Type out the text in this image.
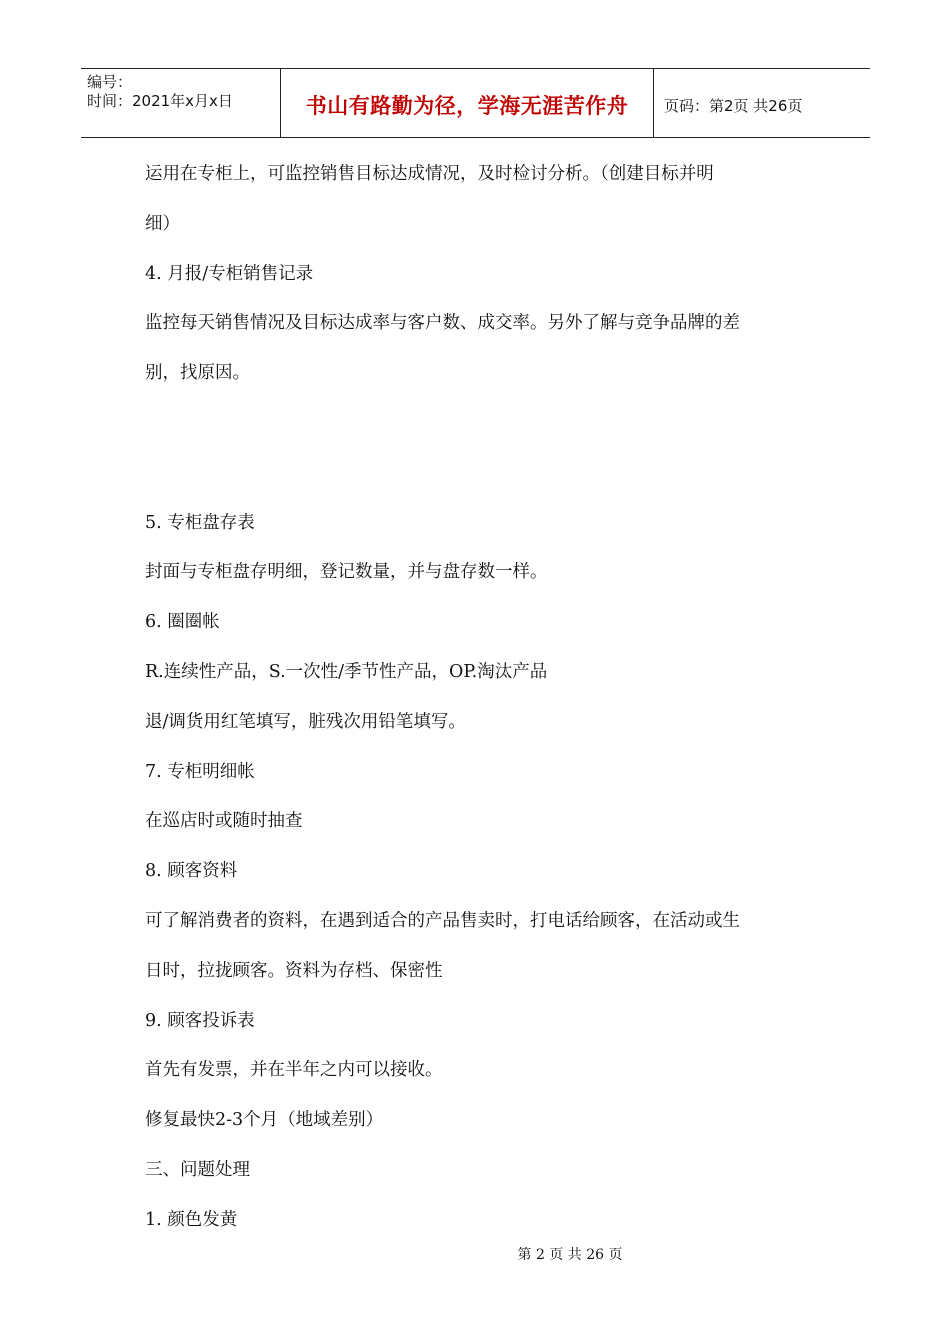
编号：
时间：2021年x月x日	书山有路勤为径，学海无涯苦作舟	页码：第2页 共26页
运用在专柜上，可监控销售目标达成情况，及时检讨分析。（创建目标并明
细）
4. 月报/专柜销售记录
监控每天销售情况及目标达成率与客户数、成交率。另外了解与竞争品牌的差
别，找原因。
5. 专柜盘存表
封面与专柜盘存明细，登记数量，并与盘存数一样。
6. 圈圈帐
R.连续性产品，S.一次性/季节性产品，OP.淘汰产品
退/调货用红笔填写，脏残次用铅笔填写。
7. 专柜明细帐
在巡店时或随时抽查
8. 顾客资料
可了解消费者的资料，在遇到适合的产品售卖时，打电话给顾客，在活动或生
日时，拉拢顾客。资料为存档、保密性
9. 顾客投诉表
首先有发票，并在半年之内可以接收。
修复最快2-3个月（地域差别）
三、问题处理
1. 颜色发黄
第 2 页 共 26 页
